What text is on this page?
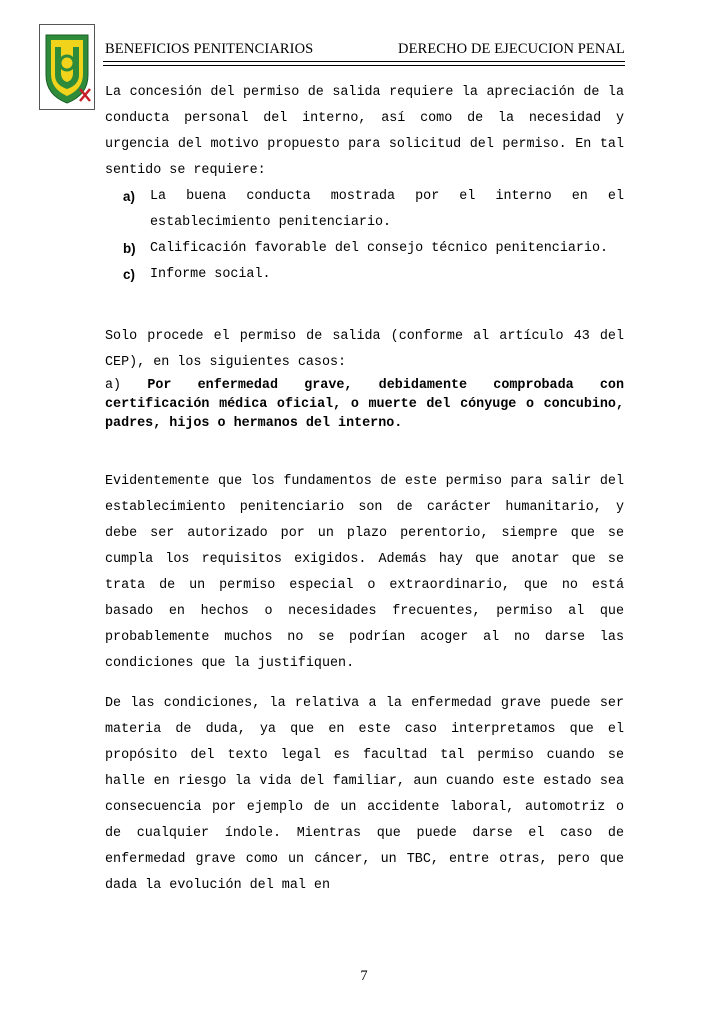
BENEFICIOS PENITENCIARIOS	DERECHO DE EJECUCION PENAL

La concesión del permiso de salida requiere la apreciación de la conducta personal del interno, así como de la necesidad y urgencia del motivo propuesto para solicitud del permiso. En tal sentido se requiere:

a) La buena conducta mostrada por el interno en el establecimiento penitenciario.
b) Calificación favorable del consejo técnico penitenciario.
c) Informe social.

Solo procede el permiso de salida (conforme al artículo 43 del CEP), en los siguientes casos:

a) Por enfermedad grave, debidamente comprobada con certificación médica oficial, o muerte del cónyuge o concubino, padres, hijos o hermanos del interno.

Evidentemente que los fundamentos de este permiso para salir del establecimiento penitenciario son de carácter humanitario, y debe ser autorizado por un plazo perentorio, siempre que se cumpla los requisitos exigidos. Además hay que anotar que se trata de un permiso especial o extraordinario, que no está basado en hechos o necesidades frecuentes, permiso al que probablemente muchos no se podrían acoger al no darse las condiciones que la justifiquen.

De las condiciones, la relativa a la enfermedad grave puede ser materia de duda, ya que en este caso interpretamos que el propósito del texto legal es facultad tal permiso cuando se halle en riesgo la vida del familiar, aun cuando este estado sea consecuencia por ejemplo de un accidente laboral, automotriz o de cualquier índole. Mientras que puede darse el caso de enfermedad grave como un cáncer, un TBC, entre otras, pero que dada la evolución del mal en

7
